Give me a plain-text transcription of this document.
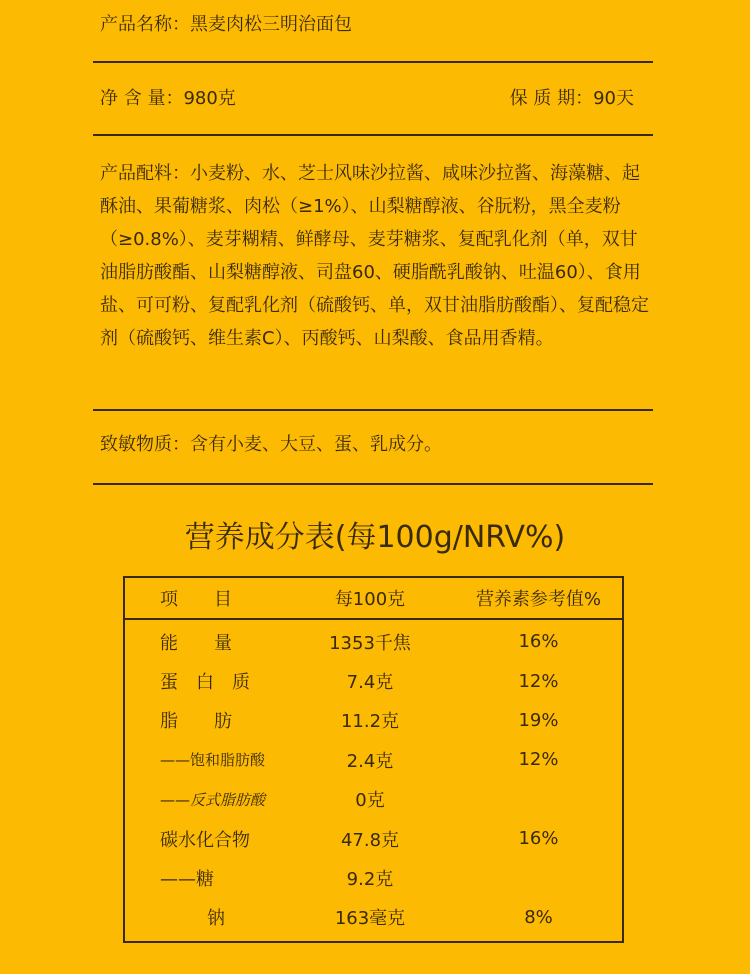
产品名称：黑麦肉松三明治面包
净 含 量：980克	保 质 期：90天
产品配料：小麦粉、水、芝士风味沙拉酱、咸味沙拉酱、海藻糖、起酥油、果葡糖浆、肉松（≥1%）、山梨糖醇液、谷朊粉，黑全麦粉（≥0.8%）、麦芽糊精、鲜酵母、麦芽糖浆、复配乳化剂（单，双甘油脂肪酸酯、山梨糖醇液、司盘60、硬脂酰乳酸钠、吐温60）、食用盐、可可粉、复配乳化剂（硫酸钙、单，双甘油脂肪酸酯）、复配稳定剂（硫酸钙、维生素C）、丙酸钙、山梨酸、食品用香精。
致敏物质：含有小麦、大豆、蛋、乳成分。
营养成分表(每100g/NRV%)
项　　目	每100克	营养素参考值%
能　　量	1353千焦	16%
蛋　白　质	7.4克	12%
脂　　肪	11.2克	19%
——饱和脂肪酸	2.4克	12%
——反式脂肪酸	0克
碳水化合物	47.8克	16%
——糖	9.2克
钠	163毫克	8%
